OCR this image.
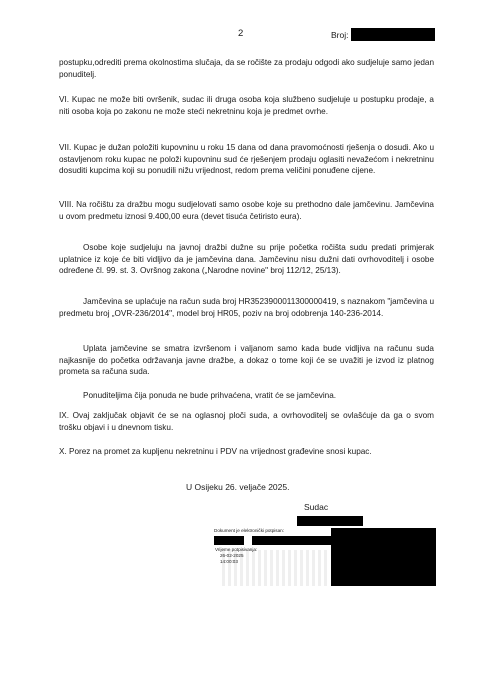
2	Broj:

postupku,odrediti prema okolnostima slučaja, da se ročište za prodaju odgodi ako sudjeluje samo jedan ponuditelj.

VI. Kupac ne može biti ovršenik, sudac ili druga osoba koja službeno sudjeluje u postupku prodaje, a niti osoba koja po zakonu ne može steći nekretninu koja je predmet ovrhe.

VII. Kupac je dužan položiti kupovninu u roku 15 dana od dana pravomoćnosti rješenja o dosudi. Ako u ostavljenom roku kupac ne položi kupovninu sud će rješenjem prodaju oglasiti nevažećom i nekretninu dosuditi kupcima koji su ponudili nižu vrijednost, redom prema veličini ponuđene cijene.

VIII. Na ročištu za dražbu mogu sudjelovati samo osobe koje su prethodno dale jamčevinu. Jamčevina u ovom predmetu iznosi 9.400,00 eura (devet tisuća četiristo eura).

Osobe koje sudjeluju na javnoj dražbi dužne su prije početka ročišta sudu predati primjerak uplatnice iz koje će biti vidljivo da je jamčevina dana. Jamčevinu nisu dužni dati ovrhovoditelj i osobe određene čl. 99. st. 3. Ovršnog zakona („Narodne novine" broj 112/12, 25/13).

Jamčevina se uplaćuje na račun suda broj HR3523900011300000419, s naznakom "jamčevina u predmetu broj „OVR-236/2014", model broj HR05, poziv na broj odobrenja 140-236-2014.

Uplata jamčevine se smatra izvršenom i valjanom samo kada bude vidljiva na računu suda najkasnije do početka održavanja javne dražbe, a dokaz o tome koji će se uvažiti je izvod iz platnog prometa sa računa suda.

Ponuditeljima čija ponuda ne bude prihvaćena, vratit će se jamčevina.

IX. Ovaj zaključak objavit će se na oglasnoj ploči suda, a ovrhovoditelj se ovlašćuje da ga o svom trošku objavi i u dnevnom tisku.

X. Porez na promet za kupljenu nekretninu i PDV na vrijednost građevine snosi kupac.

U Osijeku 26. veljače 2025.
Sudac
Dokument je elektronički potpisan:
Vrijeme potpisivanja:
26-02-2025
14:00:03
